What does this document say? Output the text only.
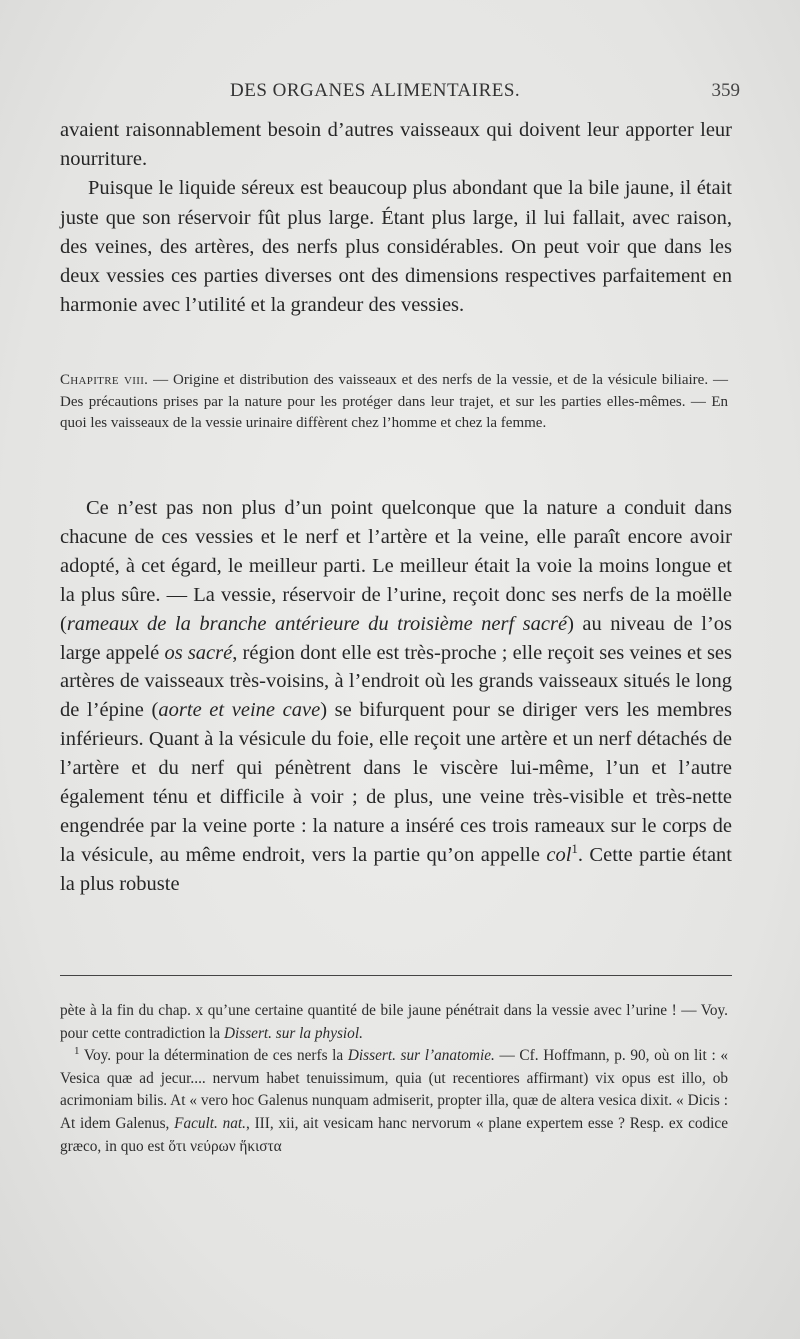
DES ORGANES ALIMENTAIRES.	359

avaient raisonnablement besoin d’autres vaisseaux qui doivent leur apporter leur nourriture.

Puisque le liquide séreux est beaucoup plus abondant que la bile jaune, il était juste que son réservoir fût plus large. Étant plus large, il lui fallait, avec raison, des veines, des artères, des nerfs plus considérables. On peut voir que dans les deux vessies ces parties diverses ont des dimensions respectives parfaitement en harmonie avec l’utilité et la grandeur des vessies.

Chapitre viii. — Origine et distribution des vaisseaux et des nerfs de la vessie, et de la vésicule biliaire. — Des précautions prises par la nature pour les protéger dans leur trajet, et sur les parties elles-mêmes. — En quoi les vaisseaux de la vessie urinaire diffèrent chez l’homme et chez la femme.

Ce n’est pas non plus d’un point quelconque que la nature a conduit dans chacune de ces vessies et le nerf et l’artère et la veine, elle paraît encore avoir adopté, à cet égard, le meilleur parti. Le meilleur était la voie la moins longue et la plus sûre. — La vessie, réservoir de l’urine, reçoit donc ses nerfs de la moëlle (rameaux de la branche antérieure du troisième nerf sacré) au niveau de l’os large appelé os sacré, région dont elle est très-proche ; elle reçoit ses veines et ses artères de vaisseaux très-voisins, à l’endroit où les grands vaisseaux situés le long de l’épine (aorte et veine cave) se bifurquent pour se diriger vers les membres inférieurs. Quant à la vésicule du foie, elle reçoit une artère et un nerf détachés de l’artère et du nerf qui pénètrent dans le viscère lui-même, l’un et l’autre également ténu et difficile à voir ; de plus, une veine très-visible et très-nette engendrée par la veine porte : la nature a inséré ces trois rameaux sur le corps de la vésicule, au même endroit, vers la partie qu’on appelle col$^1$. Cette partie étant la plus robuste

pète à la fin du chap. x qu’une certaine quantité de bile jaune pénétrait dans la vessie avec l’urine ! — Voy. pour cette contradiction la Dissert. sur la physiol.

$^1$ Voy. pour la détermination de ces nerfs la Dissert. sur l’anatomie. — Cf. Hoffmann, p. 90, où on lit : « Vesica quæ ad jecur.... nervum habet tenuissimum, quia (ut recentiores affirmant) vix opus est illo, ob acrimoniam bilis. At « vero hoc Galenus nunquam admiserit, propter illa, quæ de altera vesica dixit. « Dicis : At idem Galenus, Facult. nat., III, xii, ait vesicam hanc nervorum « plane expertem esse ? Resp. ex codice græco, in quo est ὅτι νεύρων ἥκιστα
